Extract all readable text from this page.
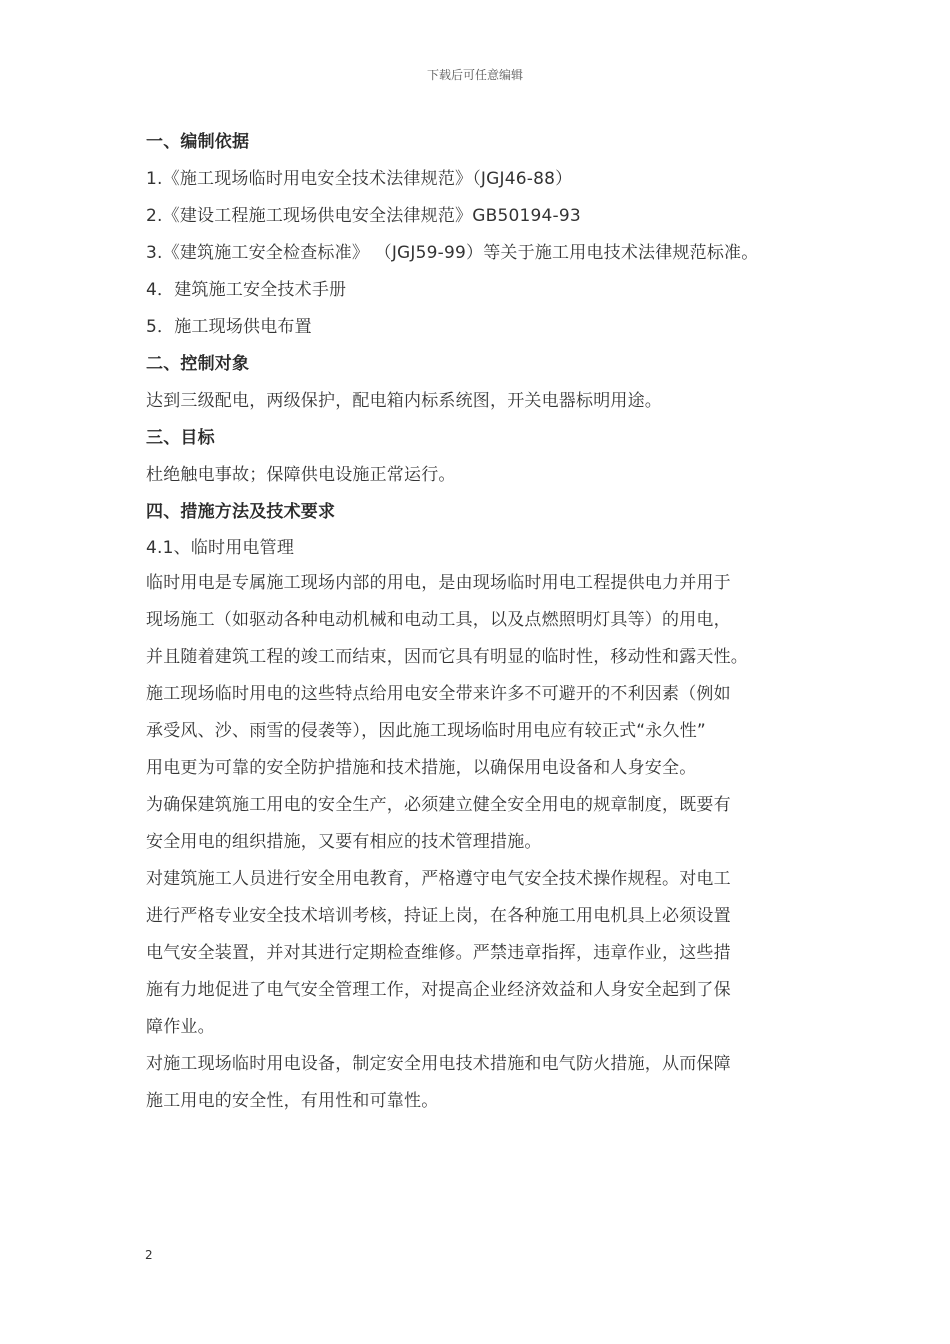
下载后可任意编辑
一、编制依据
1.《施工现场临时用电安全技术法律规范》（JGJ46-88）
2.《建设工程施工现场供电安全法律规范》GB50194-93
3.《建筑施工安全检查标准》 （JGJ59-99）等关于施工用电技术法律规范标准。
4．建筑施工安全技术手册
5．施工现场供电布置
二、控制对象
达到三级配电，两级保护，配电箱内标系统图，开关电器标明用途。
三、目标
杜绝触电事故；保障供电设施正常运行。
四、措施方法及技术要求
4.1、临时用电管理
临时用电是专属施工现场内部的用电，是由现场临时用电工程提供电力并用于
现场施工（如驱动各种电动机械和电动工具，以及点燃照明灯具等）的用电，
并且随着建筑工程的竣工而结束，因而它具有明显的临时性，移动性和露天性。
施工现场临时用电的这些特点给用电安全带来许多不可避开的不利因素（例如
承受风、沙、雨雪的侵袭等），因此施工现场临时用电应有较正式“永久性”
用电更为可靠的安全防护措施和技术措施，以确保用电设备和人身安全。
为确保建筑施工用电的安全生产，必须建立健全安全用电的规章制度，既要有
安全用电的组织措施，又要有相应的技术管理措施。
对建筑施工人员进行安全用电教育，严格遵守电气安全技术操作规程。对电工
进行严格专业安全技术培训考核，持证上岗，在各种施工用电机具上必须设置
电气安全装置，并对其进行定期检查维修。严禁违章指挥，违章作业，这些措
施有力地促进了电气安全管理工作，对提高企业经济效益和人身安全起到了保
障作业。
对施工现场临时用电设备，制定安全用电技术措施和电气防火措施，从而保障
施工用电的安全性，有用性和可靠性。
2
